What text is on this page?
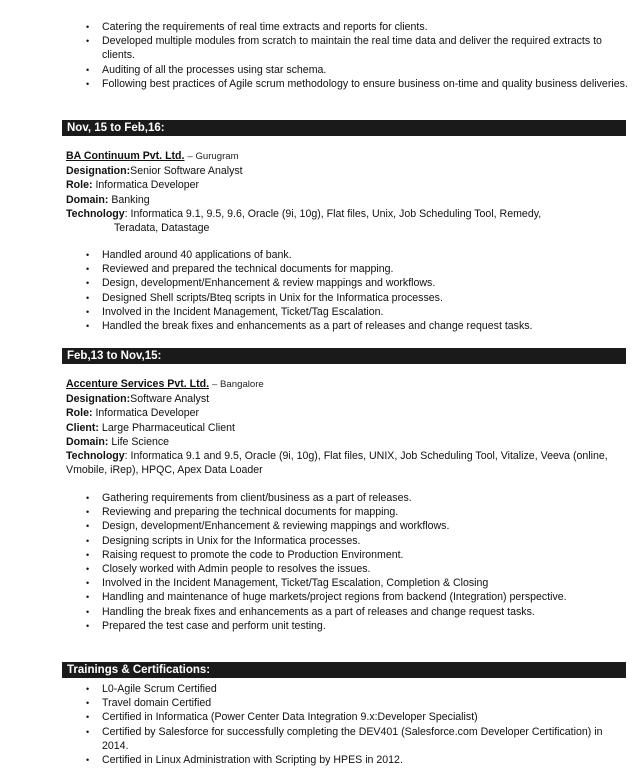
• Catering the requirements of real time extracts and reports for clients.
• Developed multiple modules from scratch to maintain the real time data and deliver the required extracts to clients.
• Auditing of all the processes using star schema.
• Following best practices of Agile scrum methodology to ensure business on-time and quality business deliveries.
Nov, 15 to Feb,16:
BA Continuum Pvt. Ltd. – Gurugram
Designation:Senior Software Analyst
Role: Informatica Developer
Domain: Banking
Technology: Informatica 9.1, 9.5, 9.6, Oracle (9i, 10g), Flat files, Unix, Job Scheduling Tool, Remedy,
Teradata, Datastage
• Handled around 40 applications of bank.
• Reviewed and prepared the technical documents for mapping.
• Design, development/Enhancement & review mappings and workflows.
• Designed Shell scripts/Bteq scripts in Unix for the Informatica processes.
• Involved in the Incident Management, Ticket/Tag Escalation.
• Handled the break fixes and enhancements as a part of releases and change request tasks.
Feb,13 to Nov,15:
Accenture Services Pvt. Ltd. – Bangalore
Designation:Software Analyst
Role: Informatica Developer
Client: Large Pharmaceutical Client
Domain: Life Science
Technology: Informatica 9.1 and 9.5, Oracle (9i, 10g), Flat files, UNIX, Job Scheduling Tool, Vitalize, Veeva (online, Vmobile, iRep), HPQC, Apex Data Loader
• Gathering requirements from client/business as a part of releases.
• Reviewing and preparing the technical documents for mapping.
• Design, development/Enhancement & reviewing mappings and workflows.
• Designing scripts in Unix for the Informatica processes.
• Raising request to promote the code to Production Environment.
• Closely worked with Admin people to resolves the issues.
• Involved in the Incident Management, Ticket/Tag Escalation, Completion & Closing
• Handling and maintenance of huge markets/project regions from backend (Integration) perspective.
• Handling the break fixes and enhancements as a part of releases and change request tasks.
• Prepared the test case and perform unit testing.
Trainings & Certifications:
• L0-Agile Scrum Certified
• Travel domain Certified
• Certified in Informatica (Power Center Data Integration 9.x:Developer Specialist)
• Certified by Salesforce for successfully completing the DEV401 (Salesforce.com Developer Certification) in 2014.
• Certified in Linux Administration with Scripting by HPES in 2012.
